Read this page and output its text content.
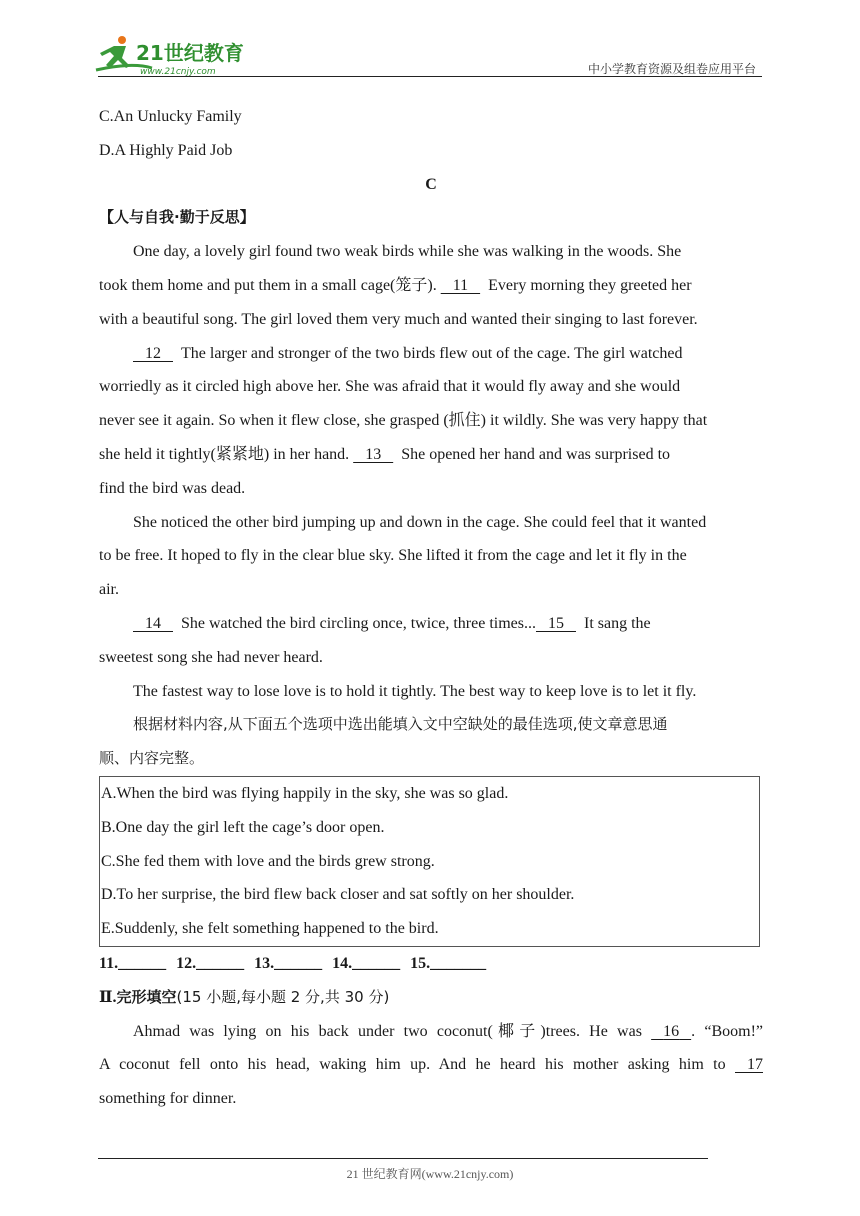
21世纪教育
www.21cnjy.com	中小学教育资源及组卷应用平台
C.An Unlucky Family
D.A Highly Paid Job
C
【人与自我·勤于反思】
One day, a lovely girl found two weak birds while she was walking in the woods. She
took them home and put them in a small cage(笼子).    11     Every morning they greeted her
with a beautiful song. The girl loved them very much and wanted their singing to last forever.
12     The larger and stronger of the two birds flew out of the cage. The girl watched
worriedly as it circled high above her. She was afraid that it would fly away and she would
never see it again. So when it flew close, she grasped (抓住) it wildly. She was very happy that
she held it tightly(紧紧地) in her hand.    13     She opened her hand and was surprised to
find the bird was dead.
She noticed the other bird jumping up and down in the cage. She could feel that it wanted
to be free. It hoped to fly in the clear blue sky. She lifted it from the cage and let it fly in the
air.
14     She watched the bird circling once, twice, three times...   15     It sang the
sweetest song she had never heard.
The fastest way to lose love is to hold it tightly. The best way to keep love is to let it fly.
根据材料内容,从下面五个选项中选出能填入文中空缺处的最佳选项,使文章意思通
顺、内容完整。
A.When the bird was flying happily in the sky, she was so glad.
B.One day the girl left the cage’s door open.
C.She fed them with love and the birds grew strong.
D.To her surprise, the bird flew back closer and sat softly on her shoulder.
E.Suddenly, she felt something happened to the bird.
11.______ 12.______ 13.______ 14.______ 15._______
Ⅱ.完形填空(15 小题,每小题 2 分,共 30 分)
Ahmad was lying on his back under two coconut(椰子)trees. He was 16 . “Boom!”
A coconut fell onto his head, waking him up. And he heard his mother asking him to 17
something for dinner.
21 世纪教育网(www.21cnjy.com)
